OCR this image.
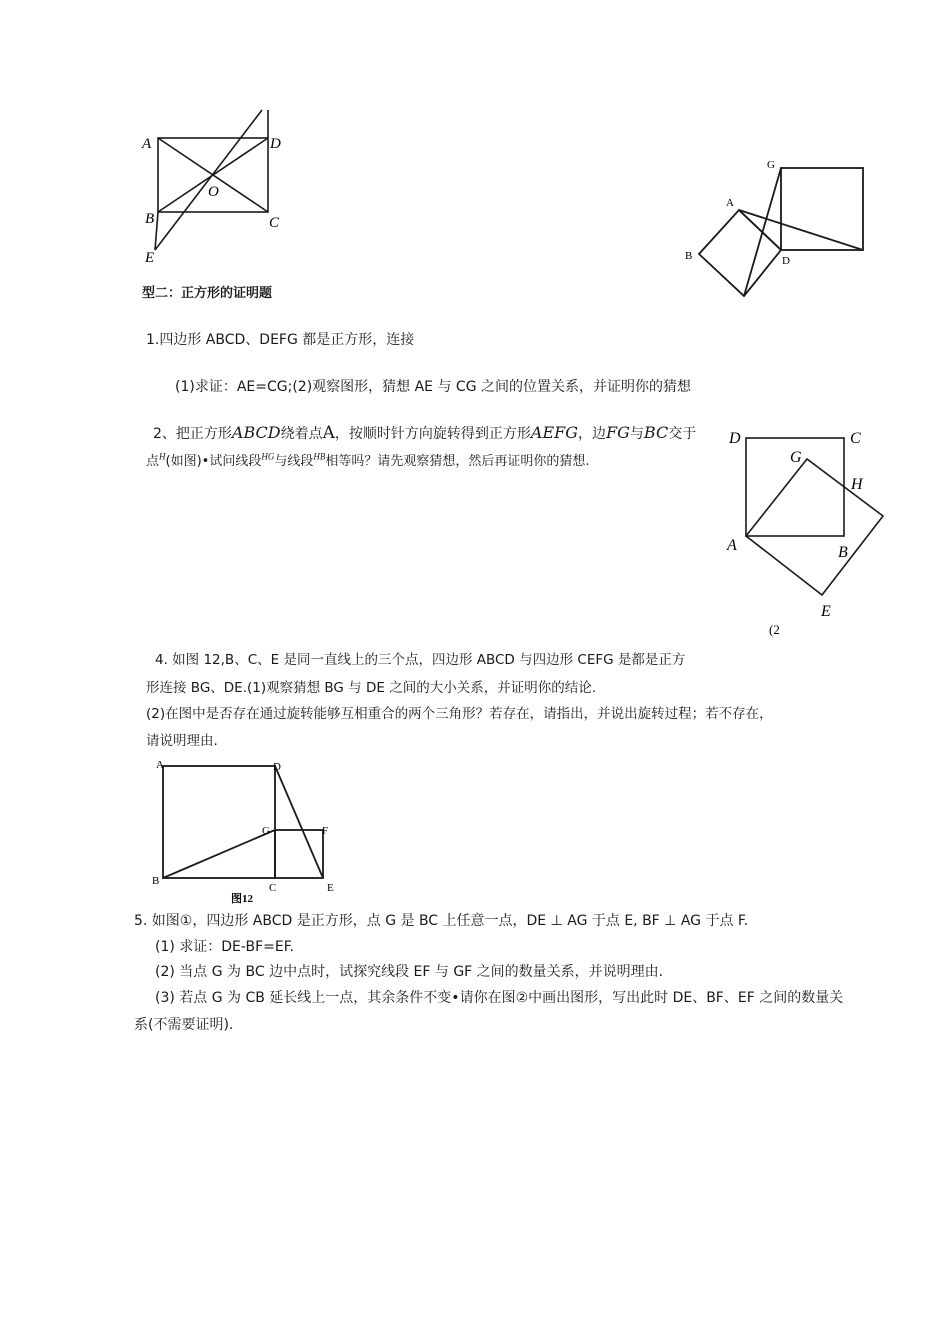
A	D
O
B	C
E
G
A
B	D
D	C
G
H
A	B
E
(2
A	D
G	F
B
C	E
图12
型二：正方形的证明题
1.四边形 ABCD、DEFG 都是正方形，连接
(1)求证：AE=CG;(2)观察图形，猜想 AE 与 CG 之间的位置关系，并证明你的猜想
2、把正方形ABCD绕着点A，按顺时针方向旋转得到正方形AEFG，边FG与BC交于
点$^H$(如图)•试问线段$^{HG}$与线段$^{HB}$相等吗？请先观察猜想，然后再证明你的猜想.
4. 如图 12,B、C、E 是同一直线上的三个点，四边形 ABCD 与四边形 CEFG 是都是正方
形连接 BG、DE.(1)观察猜想 BG 与 DE 之间的大小关系，并证明你的结论.
(2)在图中是否存在通过旋转能够互相重合的两个三角形？若存在，请指出，并说出旋转过程；若不存在，
请说明理由.
5. 如图①，四边形 ABCD 是正方形，点 G 是 BC 上任意一点，DE ⊥ AG 于点 E, BF ⊥ AG 于点 F.
(1) 求证：DE-BF=EF.
(2) 当点 G 为 BC 边中点时，试探究线段 EF 与 GF 之间的数量关系，并说明理由.
(3) 若点 G 为 CB 延长线上一点，其余条件不变•请你在图②中画出图形，写出此时 DE、BF、EF 之间的数量关
系(不需要证明).
